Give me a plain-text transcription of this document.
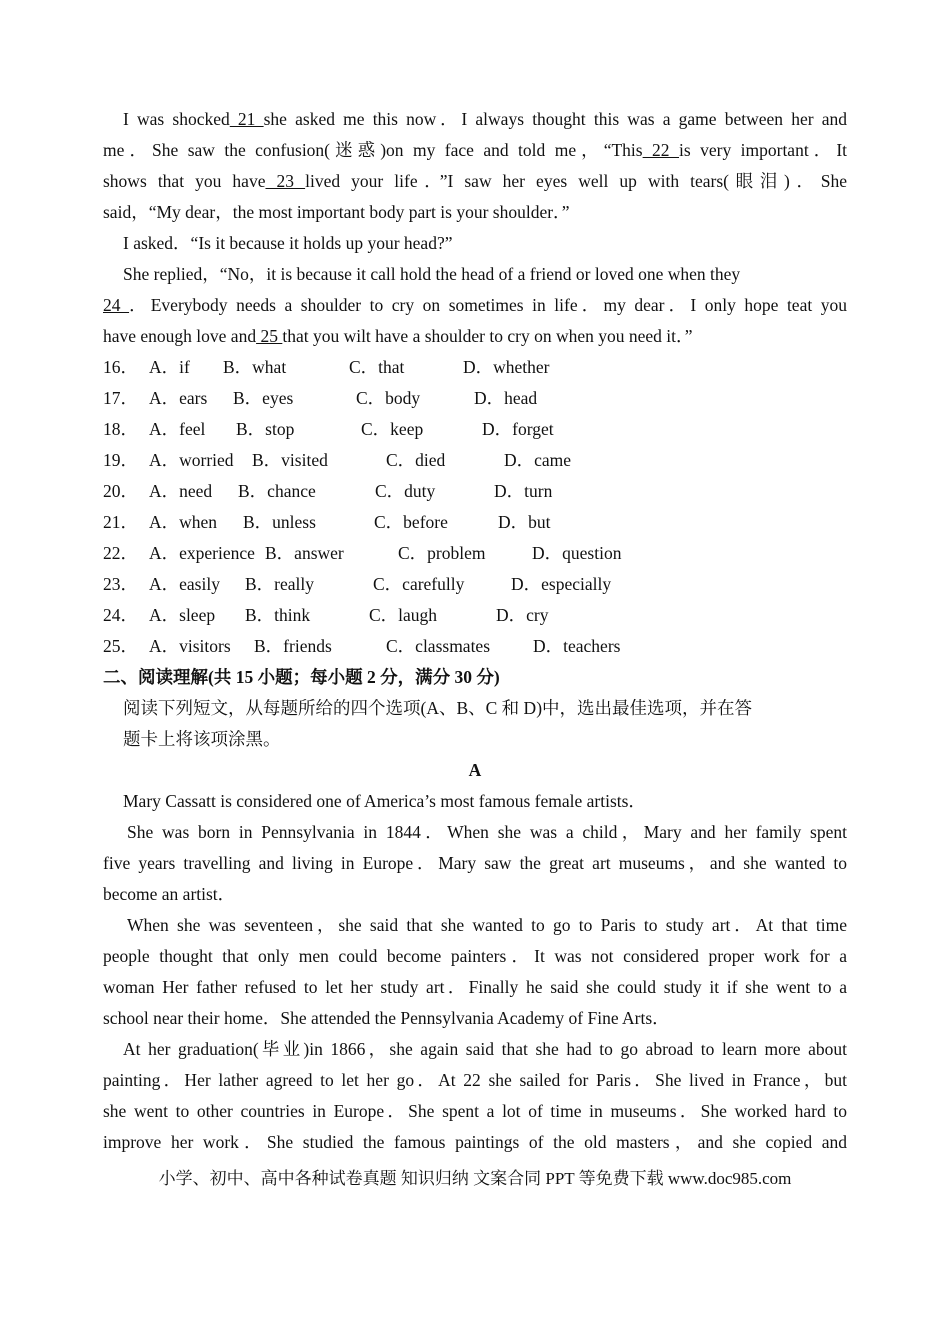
I was shocked 21 she asked me this now．I always thought this was a game between her and
me．She saw the confusion(迷惑)on my face and told me，“This 22 is very important．It
shows that you have 23 lived your life．”I saw her eyes well up with tears(眼泪)．She
said，“My dear，the most important body part is your shoulder．”
I asked．“Is it because it holds up your head?”
She replied，“No，it is because it call hold the head of a friend or loved one when they
24 ．Everybody needs a shoulder to cry on sometimes in life．my dear．I only hope teat you
have enough love and 25 that you wilt have a shoulder to cry on when you need it．”
16． A．if	B．what	C．that	D．whether
17． A．ears	B．eyes	C．body	D．head
18． A．feel	B．stop	C．keep	D．forget
19． A．worried	B．visited	C．died	D．came
20． A．need	B．chance	C．duty	D．turn
21． A．when	B．unless	C．before	D．but
22． A．experience B．answer	C．problem	D．question
23． A．easily	B．really	C．carefully	D．especially
24． A．sleep	B．think	C．laugh	D．cry
25． A．visitors	B．friends	C．classmates	D．teachers
二、阅读理解(共 15 小题；每小题 2 分，满分 30 分)
阅读下列短文，从每题所给的四个选项(A、B、C 和 D)中，选出最佳选项，并在答
题卡上将该项涂黑。
A
Mary Cassatt is considered one of America’s most famous female artists．
She was born in Pennsylvania in 1844．When she was a child，Mary and her family spent
five years travelling and living in Europe．Mary saw the great art museums，and she wanted to
become an artist．
When she was seventeen，she said that she wanted to go to Paris to study art．At that time
people thought that only men could become painters．It was not considered proper work for a
woman Her father refused to let her study art．Finally he said she could study it if she went to a
school near their home．She attended the Pennsylvania Academy of Fine Arts．
At her graduation(毕业)in 1866，she again said that she had to go abroad to learn more about
painting．Her lather agreed to let her go．At 22 she sailed for Paris．She lived in France，but
she went to other countries in Europe．She spent a lot of time in museums．She worked hard to
improve her work．She studied the famous paintings of the old masters，and she copied and
小学、初中、高中各种试卷真题 知识归纳 文案合同 PPT 等免费下载 www.doc985.com
